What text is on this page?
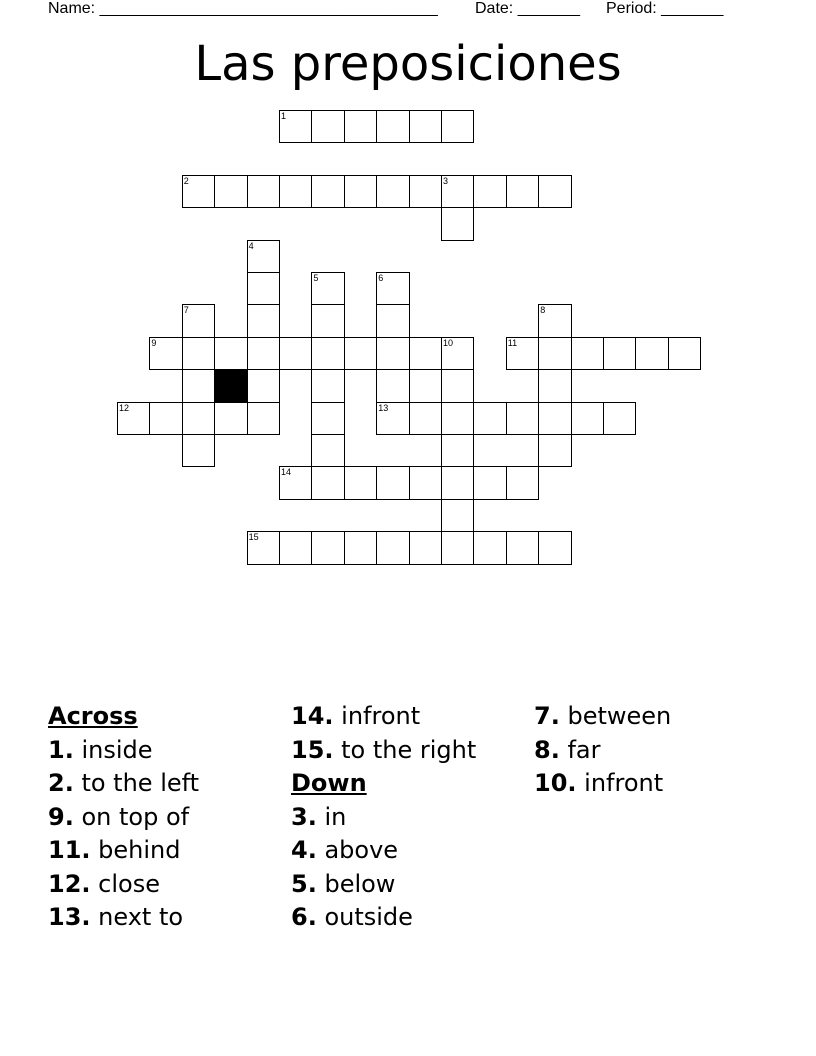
Name: ______________________________________ Date: _______ Period: _______
Las preposiciones
1
2	3
4
5	6
7	8
9	10	11
12	13
14
15
Across
1. inside
2. to the left
9. on top of
11. behind
12. close
13. next to
14. infront
15. to the right
Down
3. in
4. above
5. below
6. outside
7. between
8. far
10. infront
